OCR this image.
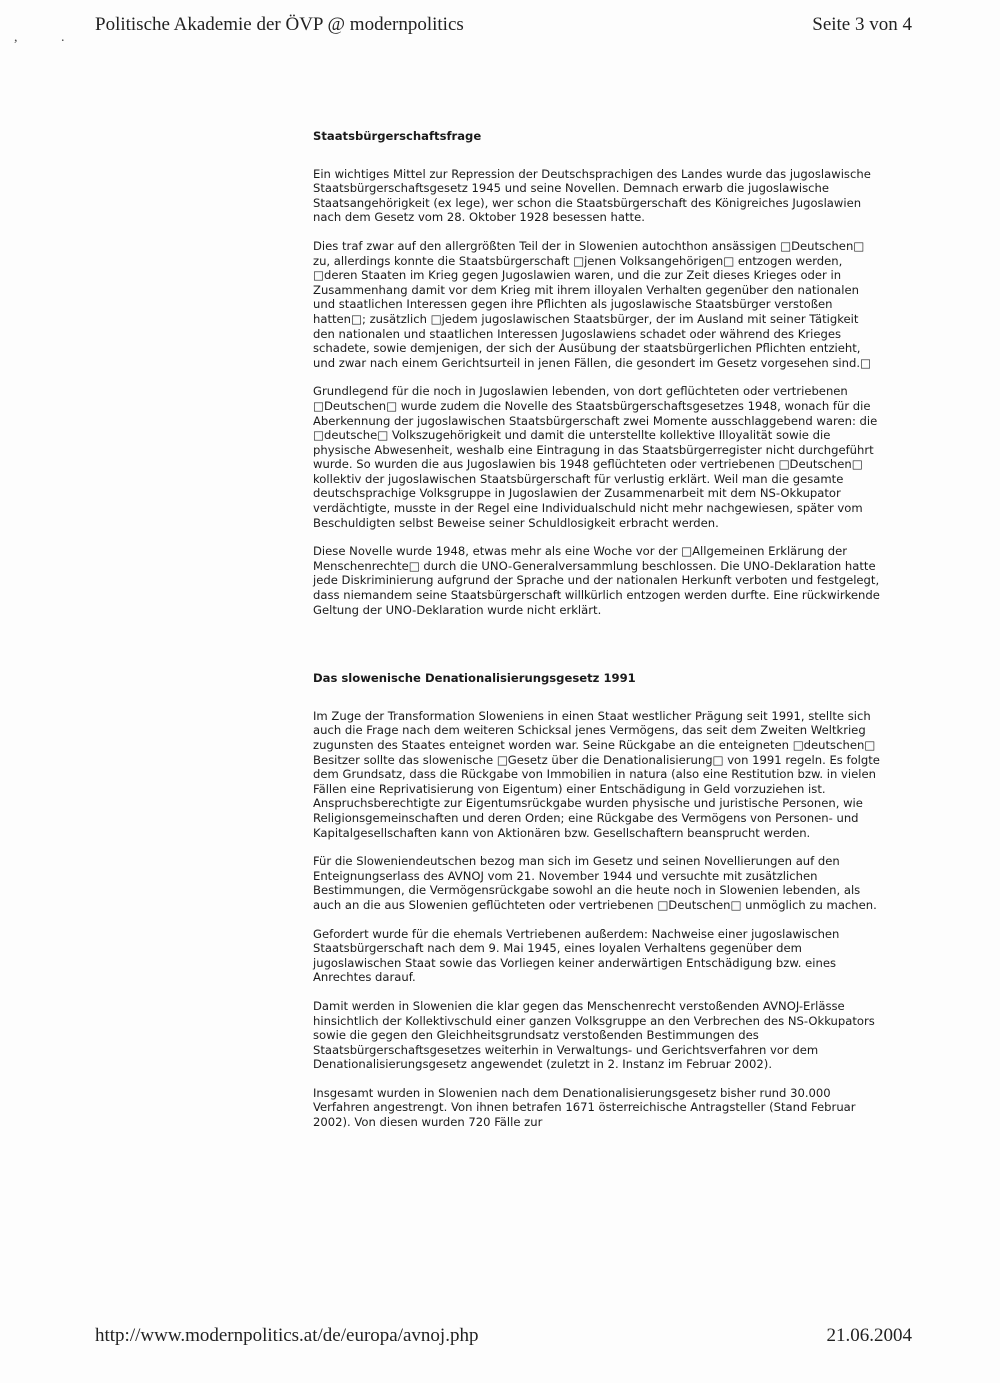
,	.
Politische Akademie der ÖVP @ modernpolitics	Seite 3 von 4
Staatsbürgerschaftsfrage

Ein wichtiges Mittel zur Repression der Deutschsprachigen des Landes wurde das jugoslawische Staatsbürgerschaftsgesetz 1945 und seine Novellen. Demnach erwarb die jugoslawische Staatsangehörigkeit (ex lege), wer schon die Staatsbürgerschaft des Königreiches Jugoslawien nach dem Gesetz vom 28. Oktober 1928 besessen hatte.

Dies traf zwar auf den allergrößten Teil der in Slowenien autochthon ansässigen □Deutschen□ zu, allerdings konnte die Staatsbürgerschaft □jenen Volksangehörigen□ entzogen werden, □deren Staaten im Krieg gegen Jugoslawien waren, und die zur Zeit dieses Krieges oder in Zusammenhang damit vor dem Krieg mit ihrem illoyalen Verhalten gegenüber den nationalen und staatlichen Interessen gegen ihre Pflichten als jugoslawische Staatsbürger verstoßen hatten□; zusätzlich □jedem jugoslawischen Staatsbürger, der im Ausland mit seiner Tätigkeit den nationalen und staatlichen Interessen Jugoslawiens schadet oder während des Krieges schadete, sowie demjenigen, der sich der Ausübung der staatsbürgerlichen Pflichten entzieht, und zwar nach einem Gerichtsurteil in jenen Fällen, die gesondert im Gesetz vorgesehen sind.□

Grundlegend für die noch in Jugoslawien lebenden, von dort geflüchteten oder vertriebenen □Deutschen□ wurde zudem die Novelle des Staatsbürgerschaftsgesetzes 1948, wonach für die Aberkennung der jugoslawischen Staatsbürgerschaft zwei Momente ausschlaggebend waren: die □deutsche□ Volkszugehörigkeit und damit die unterstellte kollektive Illoyalität sowie die physische Abwesenheit, weshalb eine Eintragung in das Staatsbürgerregister nicht durchgeführt wurde. So wurden die aus Jugoslawien bis 1948 geflüchteten oder vertriebenen □Deutschen□ kollektiv der jugoslawischen Staatsbürgerschaft für verlustig erklärt. Weil man die gesamte deutschsprachige Volksgruppe in Jugoslawien der Zusammenarbeit mit dem NS-Okkupator verdächtigte, musste in der Regel eine Individualschuld nicht mehr nachgewiesen, später vom Beschuldigten selbst Beweise seiner Schuldlosigkeit erbracht werden.

Diese Novelle wurde 1948, etwas mehr als eine Woche vor der □Allgemeinen Erklärung der Menschenrechte□ durch die UNO-Generalversammlung beschlossen. Die UNO-Deklaration hatte jede Diskriminierung aufgrund der Sprache und der nationalen Herkunft verboten und festgelegt, dass niemandem seine Staatsbürgerschaft willkürlich entzogen werden durfte. Eine rückwirkende Geltung der UNO-Deklaration wurde nicht erklärt.

Das slowenische Denationalisierungsgesetz 1991

Im Zuge der Transformation Sloweniens in einen Staat westlicher Prägung seit 1991, stellte sich auch die Frage nach dem weiteren Schicksal jenes Vermögens, das seit dem Zweiten Weltkrieg zugunsten des Staates enteignet worden war. Seine Rückgabe an die enteigneten □deutschen□ Besitzer sollte das slowenische □Gesetz über die Denationalisierung□ von 1991 regeln. Es folgte dem Grundsatz, dass die Rückgabe von Immobilien in natura (also eine Restitution bzw. in vielen Fällen eine Reprivatisierung von Eigentum) einer Entschädigung in Geld vorzuziehen ist. Anspruchsberechtigte zur Eigentumsrückgabe wurden physische und juristische Personen, wie Religionsgemeinschaften und deren Orden; eine Rückgabe des Vermögens von Personen- und Kapitalgesellschaften kann von Aktionären bzw. Gesellschaftern beansprucht werden.

Für die Sloweniendeutschen bezog man sich im Gesetz und seinen Novellierungen auf den Enteignungserlass des AVNOJ vom 21. November 1944 und versuchte mit zusätzlichen Bestimmungen, die Vermögensrückgabe sowohl an die heute noch in Slowenien lebenden, als auch an die aus Slowenien geflüchteten oder vertriebenen □Deutschen□ unmöglich zu machen.

Gefordert wurde für die ehemals Vertriebenen außerdem: Nachweise einer jugoslawischen Staatsbürgerschaft nach dem 9. Mai 1945, eines loyalen Verhaltens gegenüber dem jugoslawischen Staat sowie das Vorliegen keiner anderwärtigen Entschädigung bzw. eines Anrechtes darauf.

Damit werden in Slowenien die klar gegen das Menschenrecht verstoßenden AVNOJ-Erlässe hinsichtlich der Kollektivschuld einer ganzen Volksgruppe an den Verbrechen des NS-Okkupators sowie die gegen den Gleichheitsgrundsatz verstoßenden Bestimmungen des Staatsbürgerschaftsgesetzes weiterhin in Verwaltungs- und Gerichtsverfahren vor dem Denationalisierungsgesetz angewendet (zuletzt in 2. Instanz im Februar 2002).

Insgesamt wurden in Slowenien nach dem Denationalisierungsgesetz bisher rund 30.000 Verfahren angestrengt. Von ihnen betrafen 1671 österreichische Antragsteller (Stand Februar 2002). Von diesen wurden 720 Fälle zur

http://www.modernpolitics.at/de/europa/avnoj.php	21.06.2004
